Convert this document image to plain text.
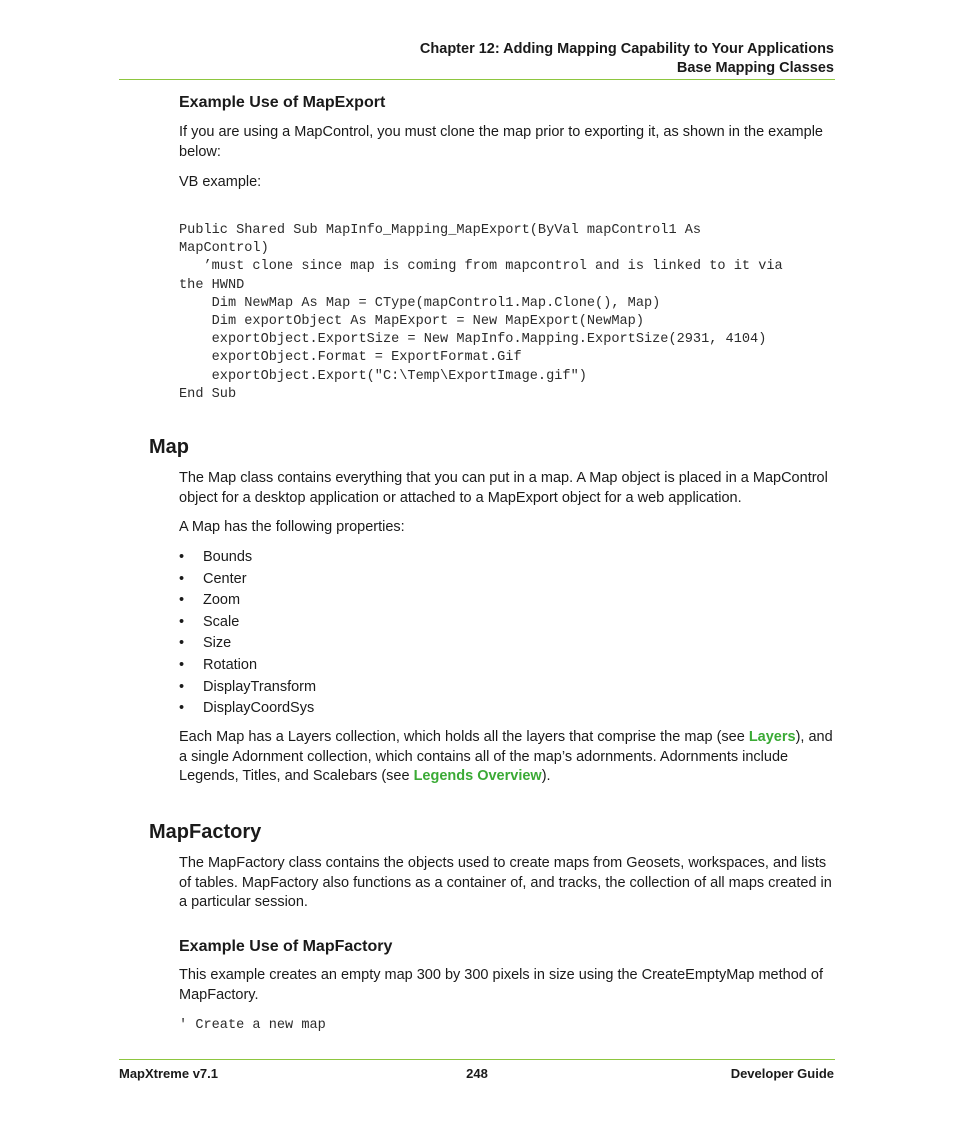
Chapter 12: Adding Mapping Capability to Your Applications
Base Mapping Classes
Example Use of MapExport
If you are using a MapControl, you must clone the map prior to exporting it, as shown in the example below:
VB example:
Public Shared Sub MapInfo_Mapping_MapExport(ByVal mapControl1 As
MapControl)
’must clone since map is coming from mapcontrol and is linked to it via
the HWND
Dim NewMap As Map = CType(mapControl1.Map.Clone(), Map)
Dim exportObject As MapExport = New MapExport(NewMap)
exportObject.ExportSize = New MapInfo.Mapping.ExportSize(2931, 4104)
exportObject.Format = ExportFormat.Gif
exportObject.Export("C:\Temp\ExportImage.gif")
End Sub
Map
The Map class contains everything that you can put in a map. A Map object is placed in a MapControl object for a desktop application or attached to a MapExport object for a web application.
A Map has the following properties:
• Bounds
• Center
• Zoom
• Scale
• Size
• Rotation
• DisplayTransform
• DisplayCoordSys
Each Map has a Layers collection, which holds all the layers that comprise the map (see Layers), and a single Adornment collection, which contains all of the map’s adornments. Adornments include Legends, Titles, and Scalebars (see Legends Overview).
MapFactory
The MapFactory class contains the objects used to create maps from Geosets, workspaces, and lists of tables. MapFactory also functions as a container of, and tracks, the collection of all maps created in a particular session.
Example Use of MapFactory
This example creates an empty map 300 by 300 pixels in size using the CreateEmptyMap method of MapFactory.
' Create a new map
MapXtreme v7.1	248	Developer Guide
